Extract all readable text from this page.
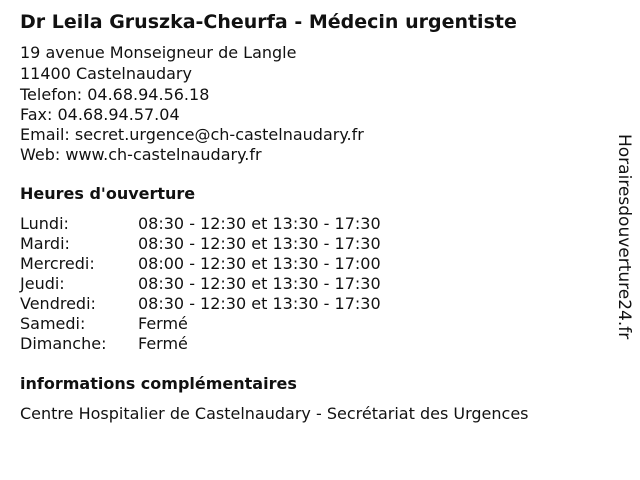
Dr Leila Gruszka-Cheurfa - Médecin urgentiste
19 avenue Monseigneur de Langle
11400 Castelnaudary
Telefon: 04.68.94.56.18
Fax: 04.68.94.57.04
Email: secret.urgence@ch-castelnaudary.fr
Web: www.ch-castelnaudary.fr
Heures d'ouverture
Lundi:	08:30 - 12:30 et 13:30 - 17:30
Mardi:	08:30 - 12:30 et 13:30 - 17:30
Mercredi:	08:00 - 12:30 et 13:30 - 17:00
Jeudi:	08:30 - 12:30 et 13:30 - 17:30
Vendredi:	08:30 - 12:30 et 13:30 - 17:30
Samedi:	Fermé
Dimanche: Fermé
informations complémentaires
Centre Hospitalier de Castelnaudary - Secrétariat des Urgences
Horairesdouverture24.fr
